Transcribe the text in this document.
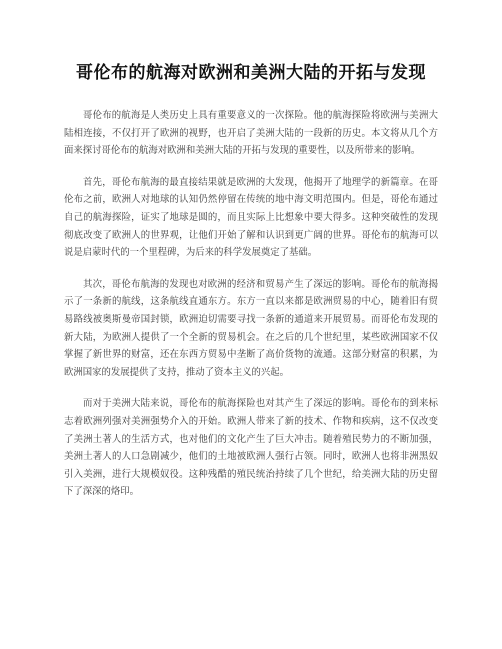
哥伦布的航海对欧洲和美洲大陆的开拓与发现

哥伦布的航海是人类历史上具有重要意义的一次探险。他的航海探险将欧洲与美洲大陆相连接，不仅打开了欧洲的视野，也开启了美洲大陆的一段新的历史。本文将从几个方面来探讨哥伦布的航海对欧洲和美洲大陆的开拓与发现的重要性，以及所带来的影响。

首先，哥伦布航海的最直接结果就是欧洲的大发现，他揭开了地理学的新篇章。在哥伦布之前，欧洲人对地球的认知仍然停留在传统的地中海文明范围内。但是，哥伦布通过自己的航海探险，证实了地球是圆的，而且实际上比想象中要大得多。这种突破性的发现彻底改变了欧洲人的世界观，让他们开始了解和认识到更广阔的世界。哥伦布的航海可以说是启蒙时代的一个里程碑，为后来的科学发展奠定了基础。

其次，哥伦布航海的发现也对欧洲的经济和贸易产生了深远的影响。哥伦布的航海揭示了一条新的航线，这条航线直通东方。东方一直以来都是欧洲贸易的中心，随着旧有贸易路线被奥斯曼帝国封锁，欧洲迫切需要寻找一条新的通道来开展贸易。而哥伦布发现的新大陆，为欧洲人提供了一个全新的贸易机会。在之后的几个世纪里，某些欧洲国家不仅掌握了新世界的财富，还在东西方贸易中垄断了高价货物的流通。这部分财富的积累，为欧洲国家的发展提供了支持，推动了资本主义的兴起。

而对于美洲大陆来说，哥伦布的航海探险也对其产生了深远的影响。哥伦布的到来标志着欧洲列强对美洲强势介入的开始。欧洲人带来了新的技术、作物和疾病，这不仅改变了美洲土著人的生活方式，也对他们的文化产生了巨大冲击。随着殖民势力的不断加强，美洲土著人的人口急剧减少，他们的土地被欧洲人强行占领。同时，欧洲人也将非洲黑奴引入美洲，进行大规模奴役。这种残酷的殖民统治持续了几个世纪，给美洲大陆的历史留下了深深的烙印。
